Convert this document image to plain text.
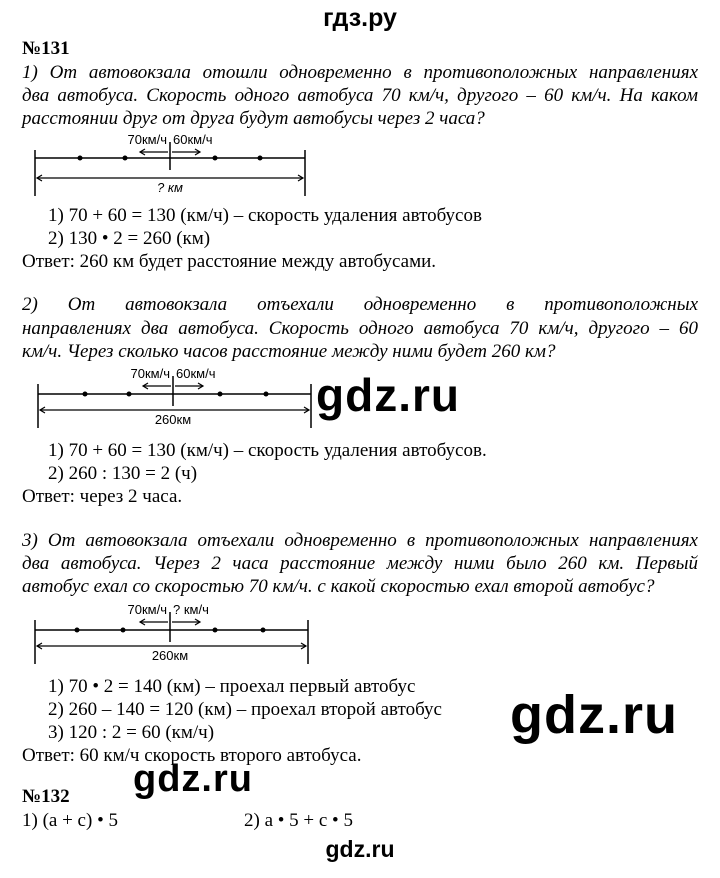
гдз.ру
№131
1) От автовокзала отошли одновременно в противоположных направлениях
два автобуса. Скорость одного автобуса 70 км/ч, другого – 60 км/ч. На каком
расстоянии друг от друга будут автобусы через 2 часа?
70км/ч 60км/ч
? км
1) 70 + 60 = 130 (км/ч) – скорость удаления автобусов
2) 130 • 2 = 260 (км)
Ответ: 260 км будет расстояние между автобусами.
2) От автовокзала отъехали одновременно в противоположных
направлениях два автобуса. Скорость одного автобуса 70 км/ч, другого – 60
км/ч. Через сколько часов расстояние между ними будет 260 км?
70км/ч 60км/ч
260км	gdz.ru
1) 70 + 60 = 130 (км/ч) – скорость удаления автобусов.
2) 260 : 130 = 2 (ч)
Ответ: через 2 часа.
3) От автовокзала отъехали одновременно в противоположных направлениях
два автобуса. Через 2 часа расстояние между ними было 260 км. Первый
автобус ехал со скоростью 70 км/ч. с какой скоростью ехал второй автобус?
70км/ч ? км/ч
260км
1) 70 • 2 = 140 (км) – проехал первый автобус
2) 260 – 140 = 120 (км) – проехал второй автобус
3) 120 : 2 = 60 (км/ч)
Ответ: 60 км/ч скорость второго автобуса.
gdz.ru
gdz.ru
№132
1) (a + c) • 5	2) a • 5 + c • 5
gdz.ru
